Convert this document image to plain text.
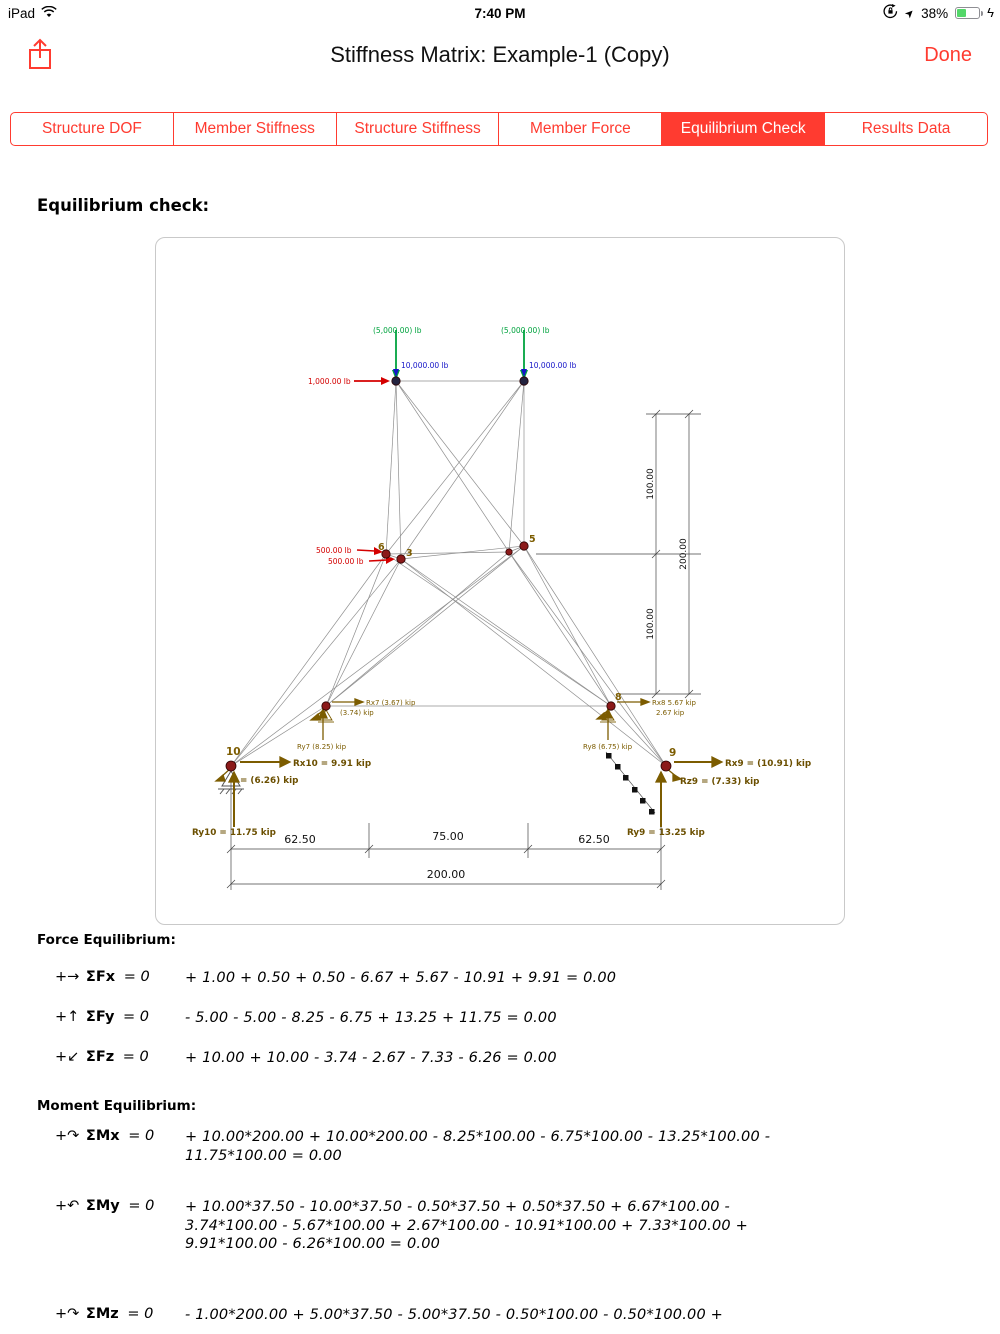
iPad	7:40 PM	➤ 38%	ϟ
Stiffness Matrix: Example-1 (Copy)	Done
Structure DOF	Member Stiffness	Structure Stiffness	Member Force	Equilibrium Check	Results Data
Equilibrium check:
100.00
200.00
100.00
62.50	75.00	62.50
200.00
(5,000.00) lb	(5,000.00) lb
10,000.00 lb	10,000.00 lb
1,000.00 lb
500.00 lb
500.00 lb
Rx7 (3.67) kip
(3.74) kip
Ry7 (8.25) kip
Rx8 5.67 kip
2.67 kip
Ry8 (6.75) kip
Rx10 = 9.91 kip
= (6.26) kip
Ry10 = 11.75 kip
Rx9 = (10.91) kip
Rz9 = (7.33) kip
Ry9 = 13.25 kip
6
3
5
8
9
10
Force Equilibrium:
+→ ΣFx = 0	+ 1.00 + 0.50 + 0.50 - 6.67 + 5.67 - 10.91 + 9.91 = 0.00
+↑ ΣFy = 0	- 5.00 - 5.00 - 8.25 - 6.75 + 13.25 + 11.75 = 0.00
+↙ ΣFz = 0	+ 10.00 + 10.00 - 3.74 - 2.67 - 7.33 - 6.26 = 0.00
Moment Equilibrium:
+↷ ΣMx = 0	+ 10.00*200.00 + 10.00*200.00 - 8.25*100.00 - 6.75*100.00 - 13.25*100.00 - 11.75*100.00 = 0.00
+↶ ΣMy = 0	+ 10.00*37.50 - 10.00*37.50 - 0.50*37.50 + 0.50*37.50 + 6.67*100.00 - 3.74*100.00 - 5.67*100.00 + 2.67*100.00 - 10.91*100.00 + 7.33*100.00 + 9.91*100.00 - 6.26*100.00 = 0.00
+↷ ΣMz = 0	- 1.00*200.00 + 5.00*37.50 - 5.00*37.50 - 0.50*100.00 - 0.50*100.00 +
